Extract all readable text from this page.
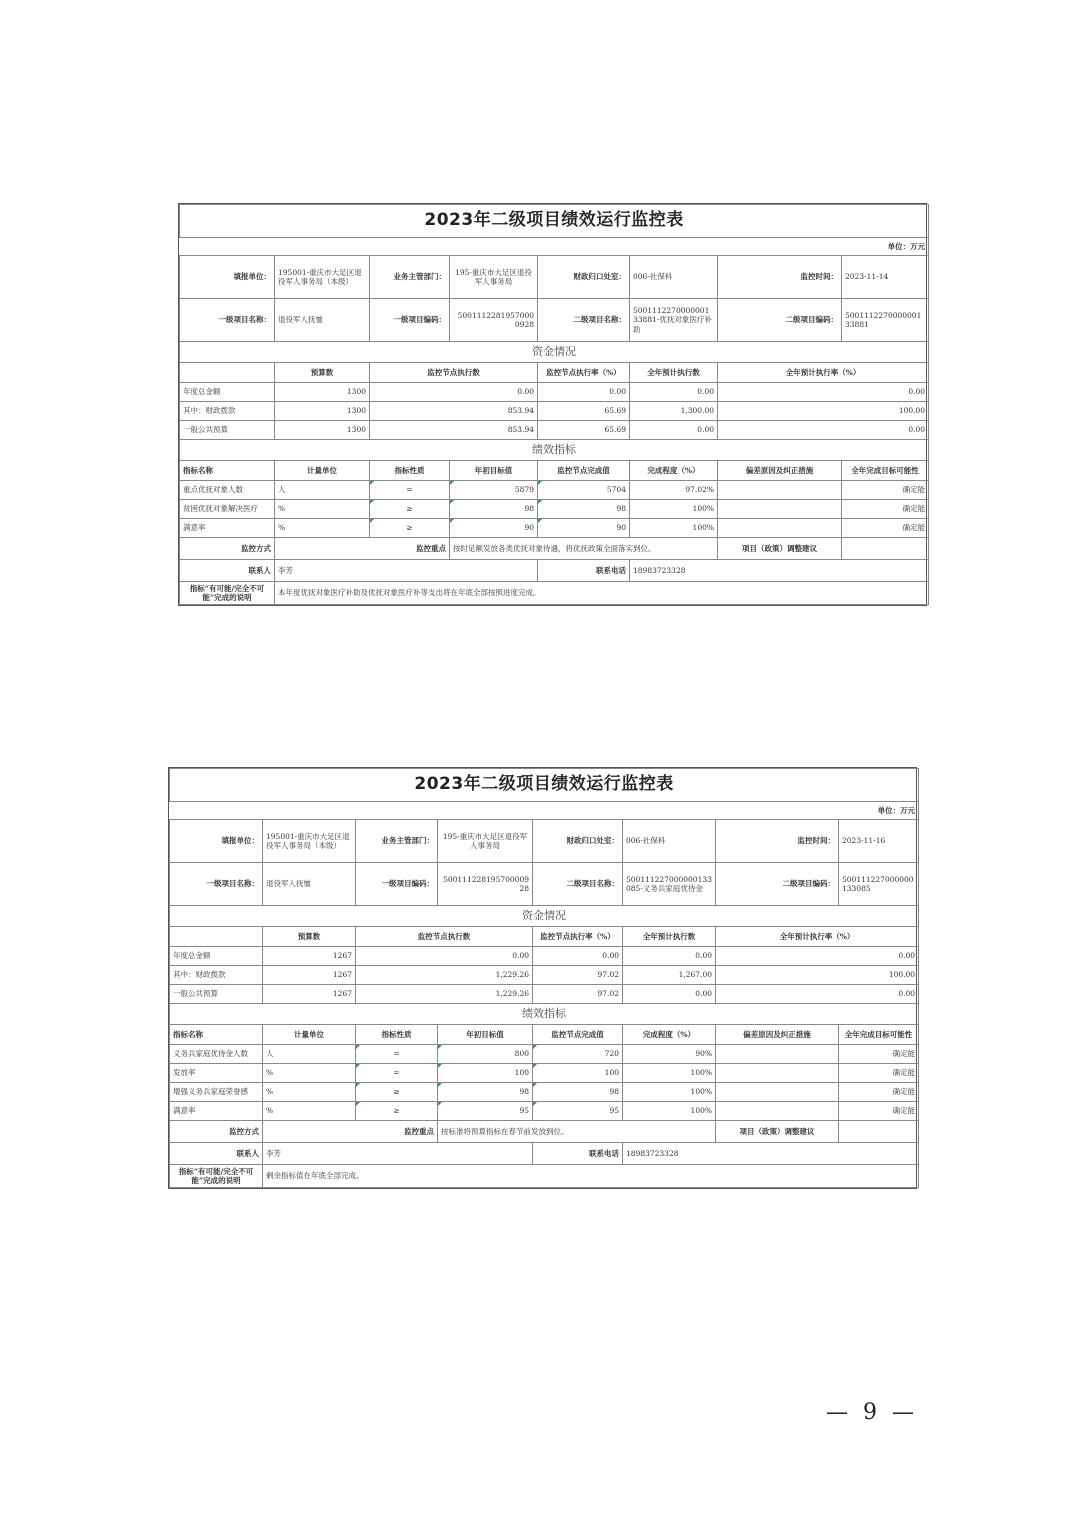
2023年二级项目绩效运行监控表							
单位：万元							
填报单位：	195001-重庆市大足区退役军人事务局（本级）	业务主管部门：	195-重庆市大足区退役军人事务局	财政归口处室：	006-社保科	监控时间：	2023-11-14
一级项目名称：	退役军人抚恤	一级项目编码：	50011122819570000928	二级项目名称：	500111227000000133881-优抚对象医疗补助	二级项目编码：	500111227000000133881
资金情况							
	预算数	监控节点执行数		监控节点执行率（%）	全年预计执行数	全年预计执行率（%）	
年度总金额	1300	0.00		0.00	0.00	0.00	
其中：财政拨款	1300	853.94		65.69	1,300.00	100.00	
一般公共预算	1300	853.94		65.69	0.00	0.00	
绩效指标							
指标名称	计量单位	指标性质	年初目标值	监控节点完成值	完成程度（%）	偏差原因及纠正措施	全年完成目标可能性
重点优抚对象人数	人	=	5879	5704	97.02%		确定能
贫困优抚对象解决医疗	%	≥	98	98	100%		确定能
满意率	%	≥	90	90	100%		确定能
监控方式	监控重点		按时足额发放各类优抚对象待遇，将优抚政策全面落实到位。			项目（政策）调整建议	
联系人	李芳			联系电话	18983723328		
指标“有可能/完全不可能”完成的说明	本年度优抚对象医疗补助及优抚对象医疗补等支出将在年底全部按照进度完成。						
2023年二级项目绩效运行监控表							
单位：万元							
填报单位：	195001-重庆市大足区退役军人事务局（本级）	业务主管部门：	195-重庆市大足区退役军人事务局	财政归口处室：	006-社保科	监控时间：	2023-11-16
一级项目名称：	退役军人抚恤	一级项目编码：	50011122819570000928	二级项目名称：	500111227000000133085-义务兵家庭优待金	二级项目编码：	500111227000000133085
资金情况							
	预算数	监控节点执行数		监控节点执行率（%）	全年预计执行数	全年预计执行率（%）	
年度总金额	1267	0.00		0.00	0.00	0.00	
其中：财政拨款	1267	1,229.26		97.02	1,267.00	100.00	
一般公共预算	1267	1,229.26		97.02	0.00	0.00	
绩效指标							
指标名称	计量单位	指标性质	年初目标值	监控节点完成值	完成程度（%）	偏差原因及纠正措施	全年完成目标可能性
义务兵家庭优待金人数	人	=	800	720	90%		确定能
发放率	%	=	100	100	100%		确定能
增强义务兵家庭荣誉感	%	≥	98	98	100%		确定能
满意率	%	≥	95	95	100%		确定能
监控方式	监控重点		按标准将预算指标在春节前发放到位。			项目（政策）调整建议	
联系人	李芳			联系电话	18983723328		
指标“有可能/完全不可能”完成的说明	剩余指标值在年底全部完成。						
— 9 —
